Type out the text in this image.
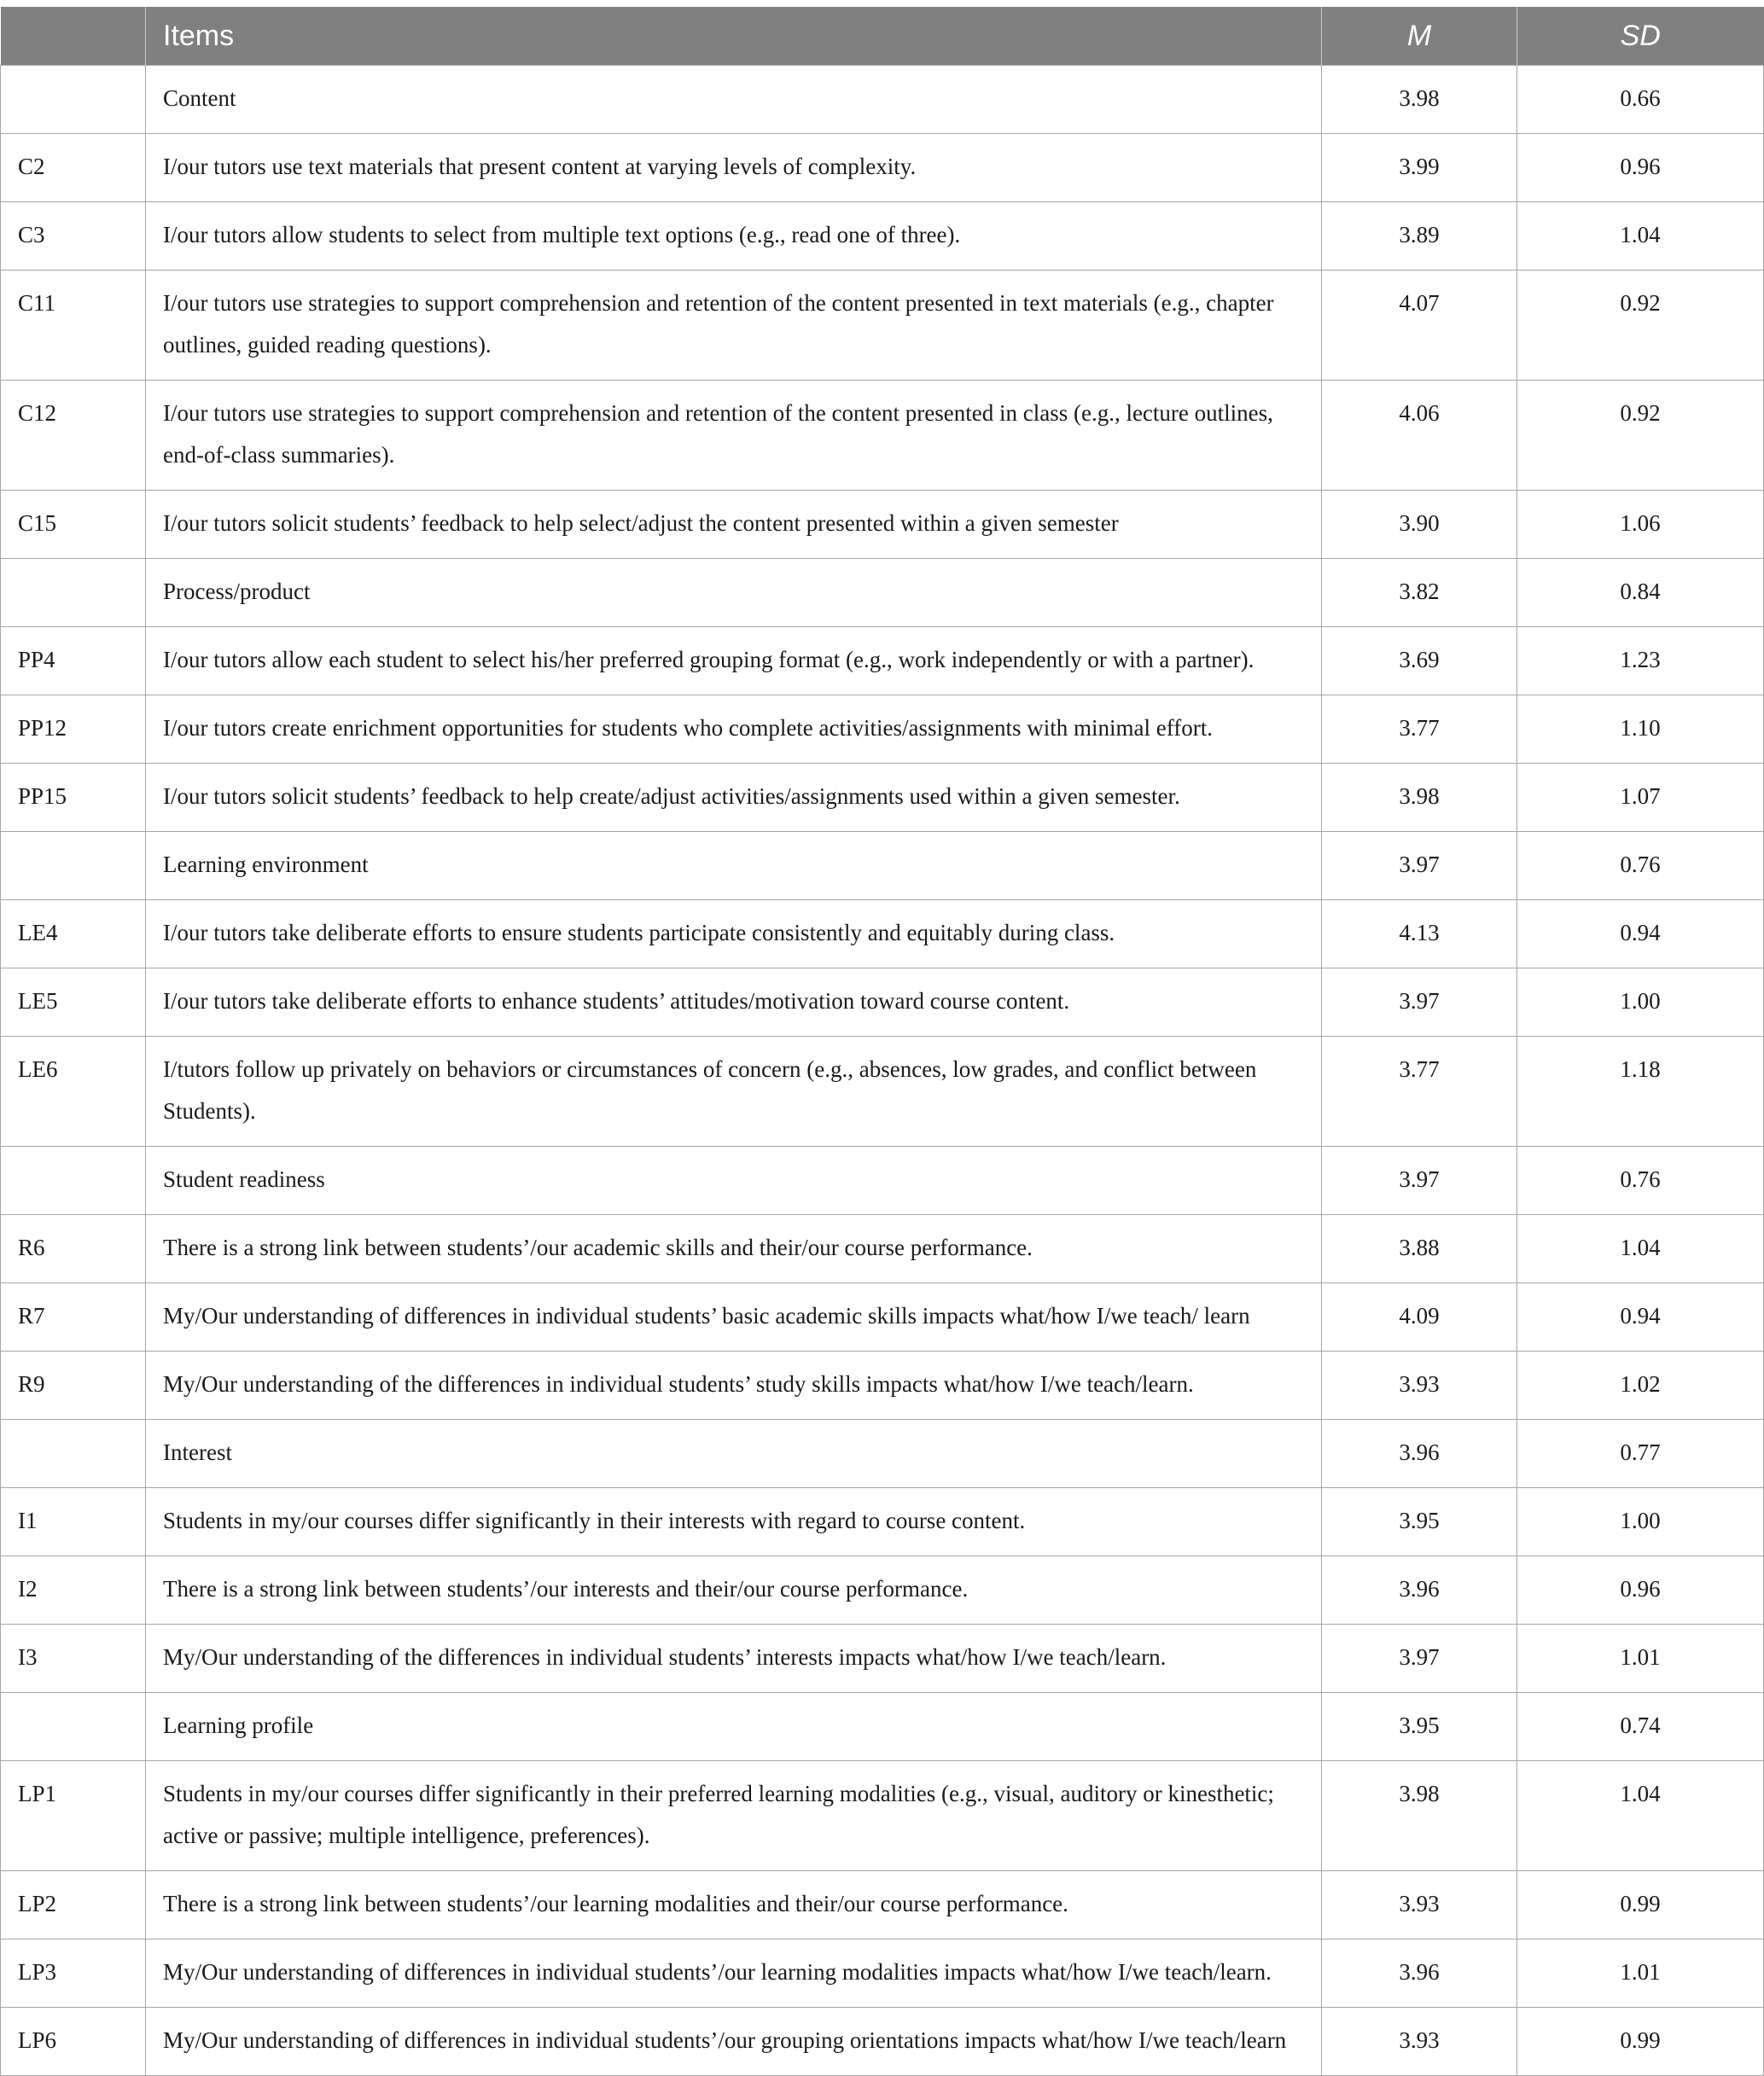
	Items	M	SD
	Content	3.98	0.66
C2	I/our tutors use text materials that present content at varying levels of complexity.	3.99	0.96
C3	I/our tutors allow students to select from multiple text options (e.g., read one of three).	3.89	1.04
C11	I/our tutors use strategies to support comprehension and retention of the content presented in text materials (e.g., chapter outlines, guided reading questions).	4.07	0.92
C12	I/our tutors use strategies to support comprehension and retention of the content presented in class (e.g., lecture outlines, end-of-class summaries).	4.06	0.92
C15	I/our tutors solicit students’ feedback to help select/adjust the content presented within a given semester	3.90	1.06
	Process/product	3.82	0.84
PP4	I/our tutors allow each student to select his/her preferred grouping format (e.g., work independently or with a partner).	3.69	1.23
PP12	I/our tutors create enrichment opportunities for students who complete activities/assignments with minimal effort.	3.77	1.10
PP15	I/our tutors solicit students’ feedback to help create/adjust activities/assignments used within a given semester.	3.98	1.07
	Learning environment	3.97	0.76
LE4	I/our tutors take deliberate efforts to ensure students participate consistently and equitably during class.	4.13	0.94
LE5	I/our tutors take deliberate efforts to enhance students’ attitudes/motivation toward course content.	3.97	1.00
LE6	I/tutors follow up privately on behaviors or circumstances of concern (e.g., absences, low grades, and conflict between Students).	3.77	1.18
	Student readiness	3.97	0.76
R6	There is a strong link between students’/our academic skills and their/our course performance.	3.88	1.04
R7	My/Our understanding of differences in individual students’ basic academic skills impacts what/how I/we teach/ learn	4.09	0.94
R9	My/Our understanding of the differences in individual students’ study skills impacts what/how I/we teach/learn.	3.93	1.02
	Interest	3.96	0.77
I1	Students in my/our courses differ significantly in their interests with regard to course content.	3.95	1.00
I2	There is a strong link between students’/our interests and their/our course performance.	3.96	0.96
I3	My/Our understanding of the differences in individual students’ interests impacts what/how I/we teach/learn.	3.97	1.01
	Learning profile	3.95	0.74
LP1	Students in my/our courses differ significantly in their preferred learning modalities (e.g., visual, auditory or kinesthetic; active or passive; multiple intelligence, preferences).	3.98	1.04
LP2	There is a strong link between students’/our learning modalities and their/our course performance.	3.93	0.99
LP3	My/Our understanding of differences in individual students’/our learning modalities impacts what/how I/we teach/learn.	3.96	1.01
LP6	My/Our understanding of differences in individual students’/our grouping orientations impacts what/how I/we teach/learn	3.93	0.99
